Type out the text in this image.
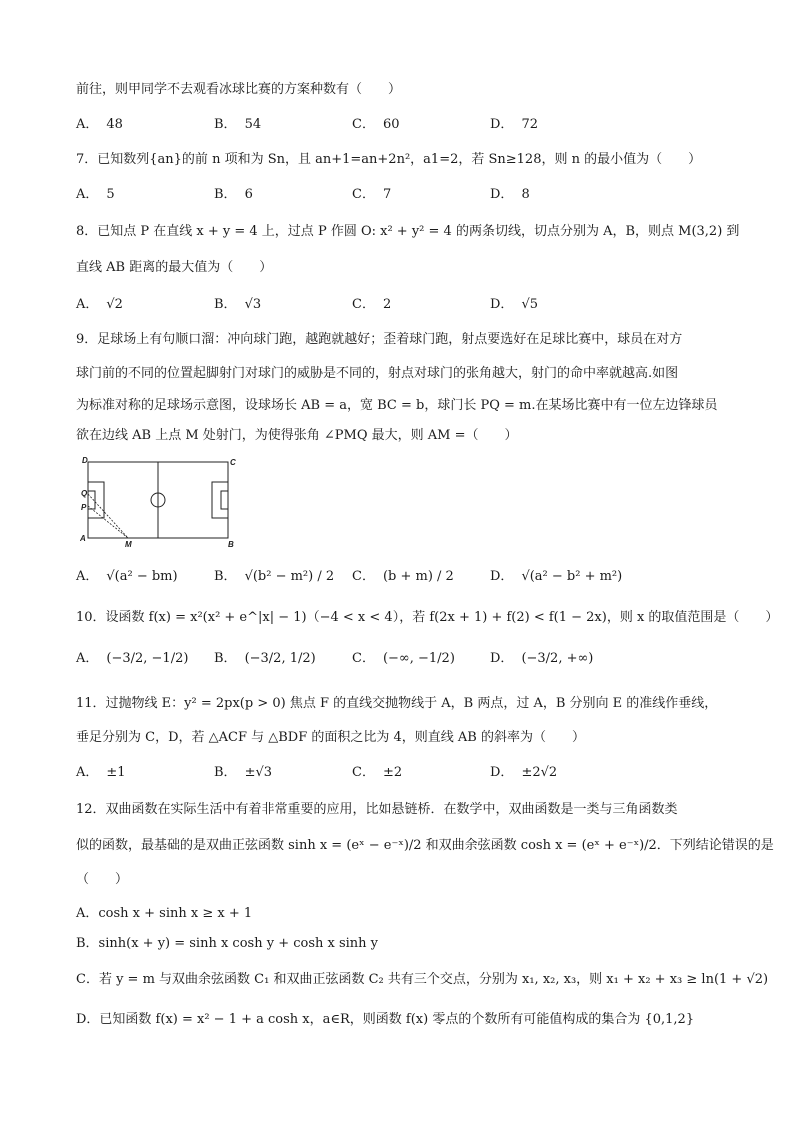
前往，则甲同学不去观看冰球比赛的方案种数有（　　）
A． 48	B． 54	C． 60	D． 72
7．已知数列{an}的前 n 项和为 Sn，且 an+1=an+2n²，a1=2，若 Sn≥128，则 n 的最小值为（　　）
A． 5	B． 6	C． 7	D． 8
8．已知点 P 在直线 x + y = 4 上，过点 P 作圆 O: x² + y² = 4 的两条切线，切点分别为 A，B，则点 M(3,2) 到
直线 AB 距离的最大值为（　　）
A． √2	B． √3	C． 2	D． √5
9．足球场上有句顺口溜：冲向球门跑，越跑就越好；歪着球门跑，射点要选好在足球比赛中，球员在对方
球门前的不同的位置起脚射门对球门的威胁是不同的，射点对球门的张角越大，射门的命中率就越高.如图
为标准对称的足球场示意图，设球场长 AB = a，宽 BC = b，球门长 PQ = m.在某场比赛中有一位左边锋球员
欲在边线 AB 上点 M 处射门，为使得张角 ∠PMQ 最大，则 AM =（　　）
D	C
Q
P
A
M	B
A． √(a² − bm)	B． √(b² − m²) / 2 C． (b + m) / 2	D． √(a² − b² + m²)
10．设函数 f(x) = x²(x² + e^|x| − 1)（−4 < x < 4），若 f(2x + 1) + f(2) < f(1 − 2x)，则 x 的取值范围是（　　）
A． (−3/2, −1/2) B． (−3/2, 1/2)	C． (−∞, −1/2)	D． (−3/2, +∞)
11．过抛物线 E：y² = 2px(p > 0) 焦点 F 的直线交抛物线于 A，B 两点，过 A，B 分别向 E 的准线作垂线，
垂足分别为 C，D，若 △ACF 与 △BDF 的面积之比为 4，则直线 AB 的斜率为（　　）
A． ±1	B． ±√3	C． ±2	D． ±2√2
12．双曲函数在实际生活中有着非常重要的应用，比如悬链桥．在数学中，双曲函数是一类与三角函数类
似的函数，最基础的是双曲正弦函数 sinh x = (eˣ − e⁻ˣ)/2 和双曲余弦函数 cosh x = (eˣ + e⁻ˣ)/2．下列结论错误的是
（　　）
A．cosh x + sinh x ≥ x + 1
B．sinh(x + y) = sinh x cosh y + cosh x sinh y
C．若 y = m 与双曲余弦函数 C₁ 和双曲正弦函数 C₂ 共有三个交点，分别为 x₁, x₂, x₃，则 x₁ + x₂ + x₃ ≥ ln(1 + √2)
D．已知函数 f(x) = x² − 1 + a cosh x，a∈R，则函数 f(x) 零点的个数所有可能值构成的集合为 {0,1,2}
